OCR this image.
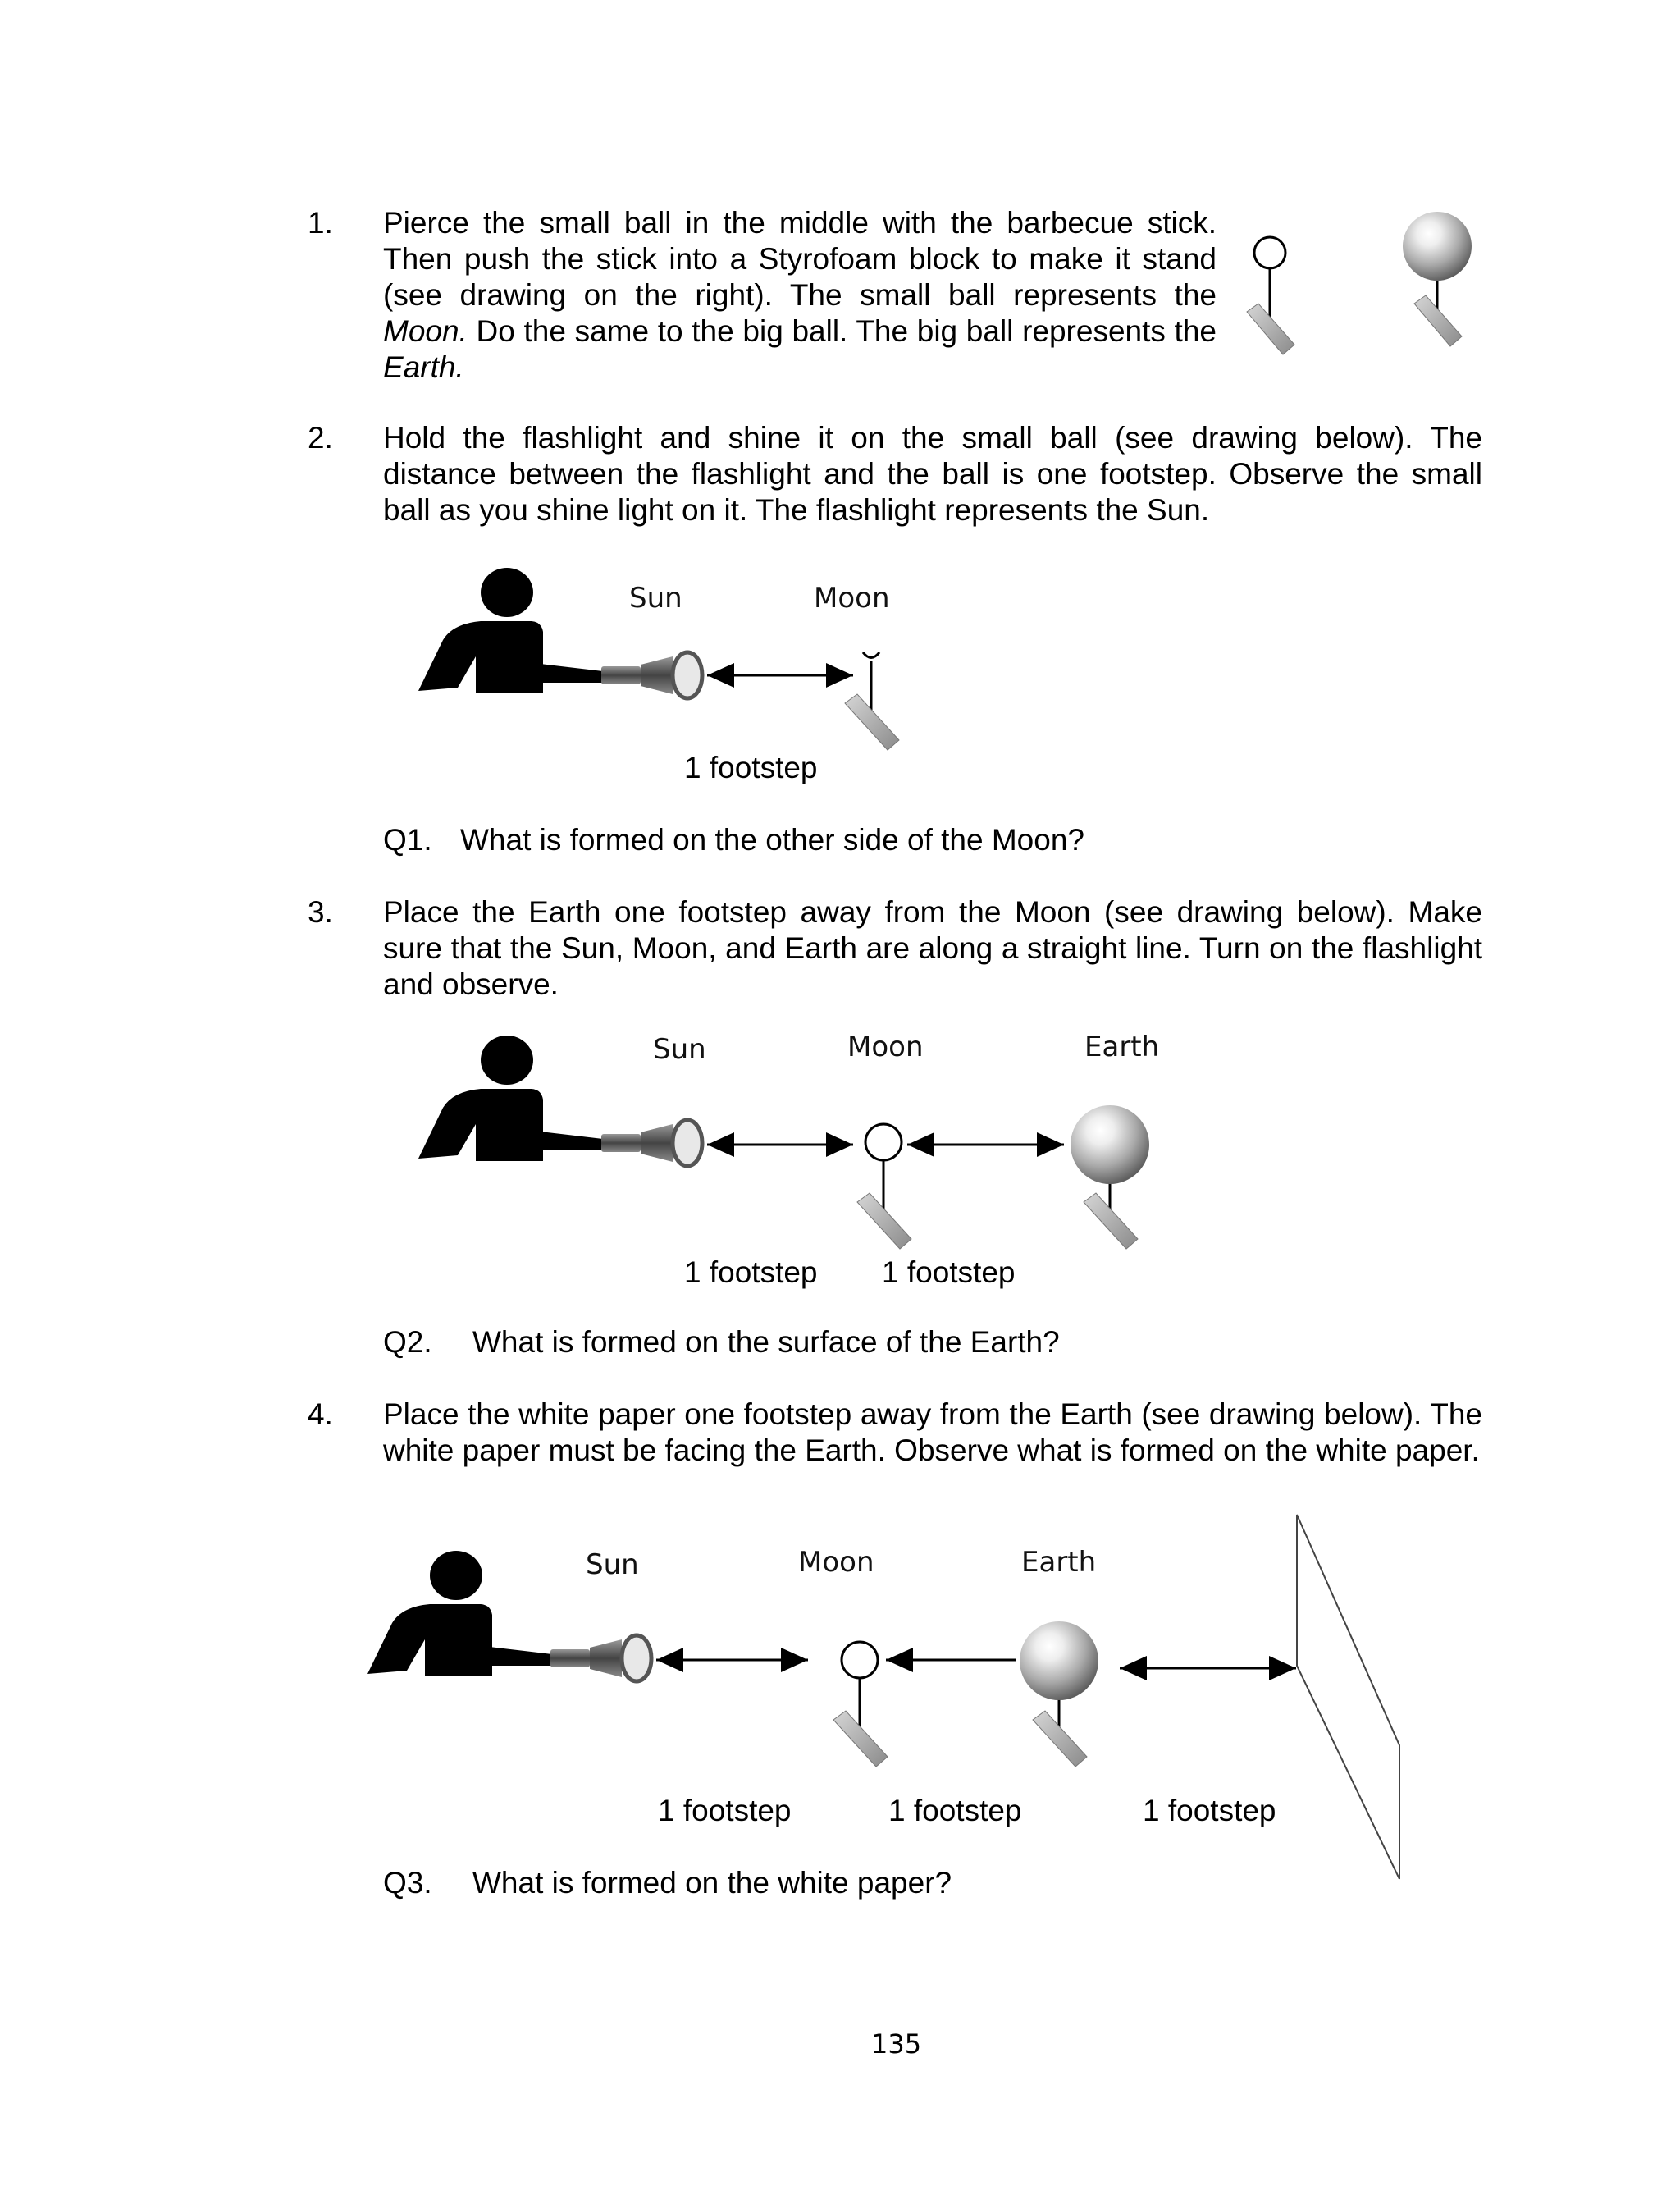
1. Pierce the small ball in the middle with the barbecue stick. Then push the stick into a Styrofoam block to make it stand (see drawing on the right). The small ball represents the Moon. Do the same to the big ball. The big ball represents the Earth.
2. Hold the flashlight and shine it on the small ball (see drawing below). The distance between the flashlight and the ball is one footstep. Observe the small ball as you shine light on it. The flashlight represents the Sun.
Sun	Moon
1 footstep
Q1. What is formed on the other side of the Moon?
3. Place the Earth one footstep away from the Moon (see drawing below). Make sure that the Sun, Moon, and Earth are along a straight line. Turn on the flashlight and observe.
Sun	Moon	Earth
1 footstep 1 footstep
Q2. What is formed on the surface of the Earth?
4. Place the white paper one footstep away from the Earth (see drawing below). The white paper must be facing the Earth. Observe what is formed on the white paper.
Sun	Moon	Earth
1 footstep	1 footstep	1 footstep
Q3. What is formed on the white paper?
135
